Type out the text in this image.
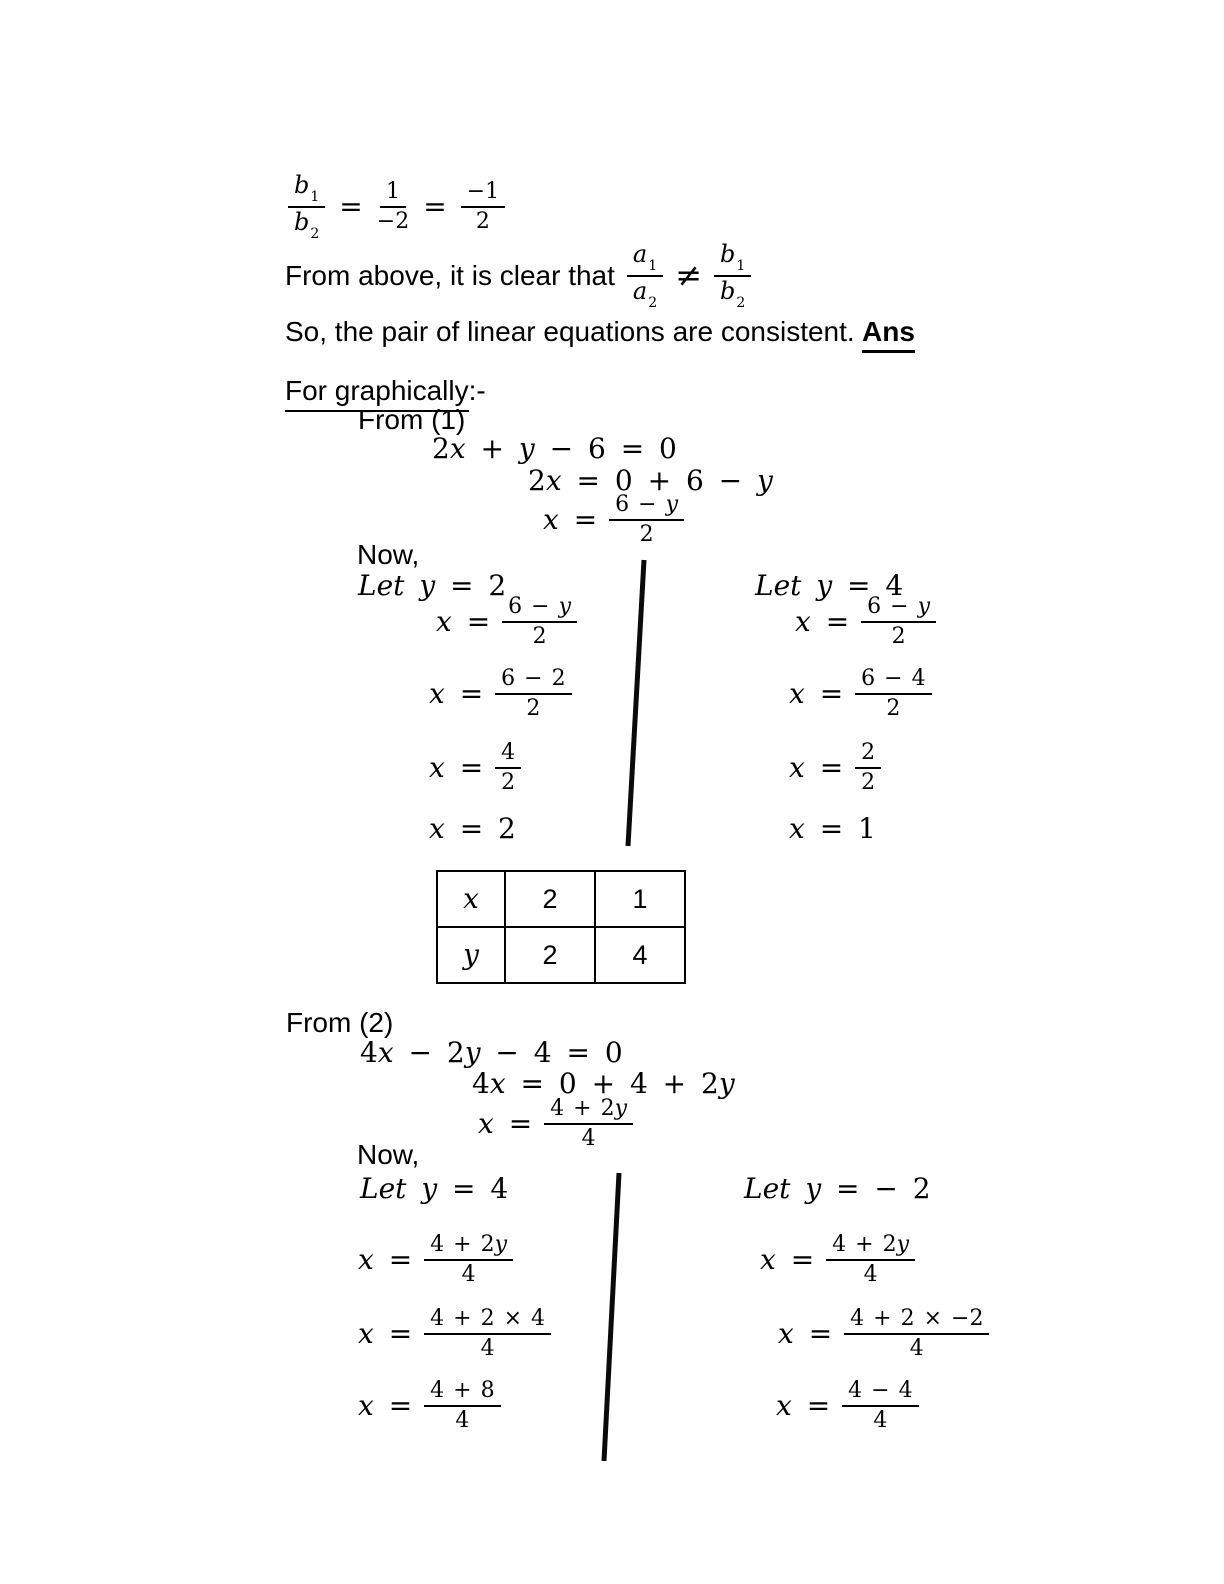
$\frac{b_1}{b_2} = \frac{1}{-2} = \frac{-1}{2}$
From above, it is clear that $\frac{a_1}{a_2} \ne \frac{b_1}{b_2}$
So, the pair of linear equations are consistent. Ans
For graphically:-
From (1)
2x + y − 6 = 0
2x = 0 + 6 − y
$x = \frac{6 - y}{2}$
Now,
Let y = 2
$x = \frac{6 - y}{2}$
$x = \frac{6 - 2}{2}$
$x = \frac{4}{2}$
x = 2
Let y = 4
$x = \frac{6 - y}{2}$
$x = \frac{6 - 4}{2}$
$x = \frac{2}{2}$
x = 1
x	2	1
y	2	4
From (2)
4x − 2y − 4 = 0
4x = 0 + 4 + 2y
$x = \frac{4 + 2y}{4}$
Now,
Let y = 4
$x = \frac{4 + 2y}{4}$
$x = \frac{4 + 2 \times 4}{4}$
$x = \frac{4 + 8}{4}$
Let y = − 2
$x = \frac{4 + 2y}{4}$
$x = \frac{4 + 2 \times -2}{4}$
$x = \frac{4 - 4}{4}$
